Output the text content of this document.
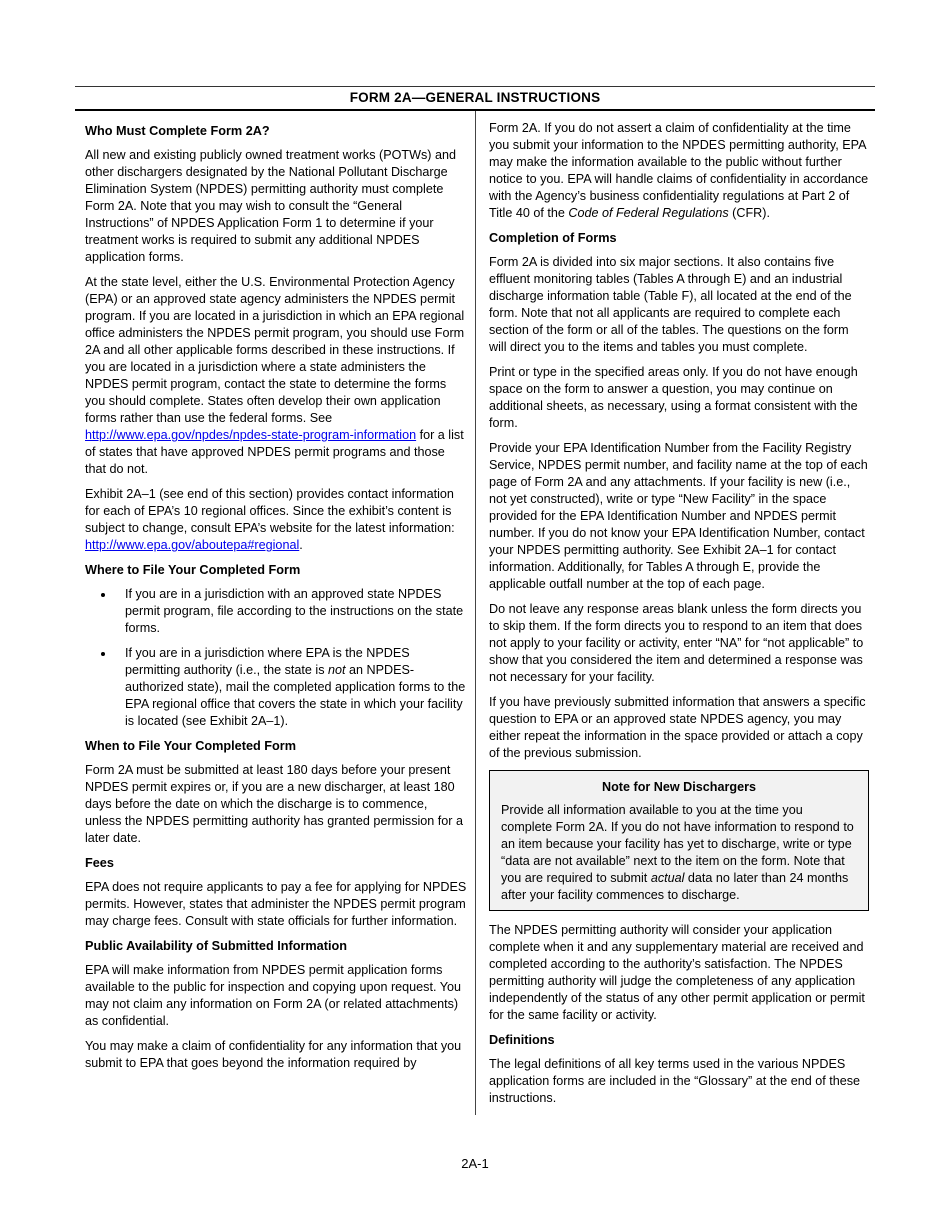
FORM 2A—GENERAL INSTRUCTIONS
Who Must Complete Form 2A?

All new and existing publicly owned treatment works (POTWs) and other dischargers designated by the National Pollutant Discharge Elimination System (NPDES) permitting authority must complete Form 2A. Note that you may wish to consult the “General Instructions” of NPDES Application Form 1 to determine if your treatment works is required to submit any additional NPDES application forms.

At the state level, either the U.S. Environmental Protection Agency (EPA) or an approved state agency administers the NPDES permit program. If you are located in a jurisdiction in which an EPA regional office administers the NPDES permit program, you should use Form 2A and all other applicable forms described in these instructions. If you are located in a jurisdiction where a state administers the NPDES permit program, contact the state to determine the forms you should complete. States often develop their own application forms rather than use the federal forms. See http://www.epa.gov/npdes/npdes-state-program-information for a list of states that have approved NPDES permit programs and those that do not.

Exhibit 2A–1 (see end of this section) provides contact information for each of EPA’s 10 regional offices. Since the exhibit’s content is subject to change, consult EPA’s website for the latest information: http://www.epa.gov/aboutepa#regional.

Where to File Your Completed Form
• If you are in a jurisdiction with an approved state NPDES permit program, file according to the instructions on the state forms.
• If you are in a jurisdiction where EPA is the NPDES permitting authority (i.e., the state is not an NPDES-authorized state), mail the completed application forms to the EPA regional office that covers the state in which your facility is located (see Exhibit 2A–1).
When to File Your Completed Form

Form 2A must be submitted at least 180 days before your present NPDES permit expires or, if you are a new discharger, at least 180 days before the date on which the discharge is to commence, unless the NPDES permitting authority has granted permission for a later date.

Fees

EPA does not require applicants to pay a fee for applying for NPDES permits. However, states that administer the NPDES permit program may charge fees. Consult with state officials for further information.

Public Availability of Submitted Information

EPA will make information from NPDES permit application forms available to the public for inspection and copying upon request. You may not claim any information on Form 2A (or related attachments) as confidential.

You may make a claim of confidentiality for any information that you submit to EPA that goes beyond the information required by

Form 2A. If you do not assert a claim of confidentiality at the time you submit your information to the NPDES permitting authority, EPA may make the information available to the public without further notice to you. EPA will handle claims of confidentiality in accordance with the Agency’s business confidentiality regulations at Part 2 of Title 40 of the Code of Federal Regulations (CFR).

Completion of Forms

Form 2A is divided into six major sections. It also contains five effluent monitoring tables (Tables A through E) and an industrial discharge information table (Table F), all located at the end of the form. Note that not all applicants are required to complete each section of the form or all of the tables. The questions on the form will direct you to the items and tables you must complete.

Print or type in the specified areas only. If you do not have enough space on the form to answer a question, you may continue on additional sheets, as necessary, using a format consistent with the form.

Provide your EPA Identification Number from the Facility Registry Service, NPDES permit number, and facility name at the top of each page of Form 2A and any attachments. If your facility is new (i.e., not yet constructed), write or type “New Facility” in the space provided for the EPA Identification Number and NPDES permit number. If you do not know your EPA Identification Number, contact your NPDES permitting authority. See Exhibit 2A–1 for contact information. Additionally, for Tables A through E, provide the applicable outfall number at the top of each page.

Do not leave any response areas blank unless the form directs you to skip them. If the form directs you to respond to an item that does not apply to your facility or activity, enter “NA” for “not applicable” to show that you considered the item and determined a response was not necessary for your facility.

If you have previously submitted information that answers a specific question to EPA or an approved state NPDES agency, you may either repeat the information in the space provided or attach a copy of the previous submission.

Note for New Dischargers

Provide all information available to you at the time you complete Form 2A. If you do not have information to respond to an item because your facility has yet to discharge, write or type “data are not available” next to the item on the form. Note that you are required to submit actual data no later than 24 months after your facility commences to discharge.

The NPDES permitting authority will consider your application complete when it and any supplementary material are received and completed according to the authority’s satisfaction. The NPDES permitting authority will judge the completeness of any application independently of the status of any other permit application or permit for the same facility or activity.

Definitions

The legal definitions of all key terms used in the various NPDES application forms are included in the “Glossary” at the end of these instructions.

2A-1
